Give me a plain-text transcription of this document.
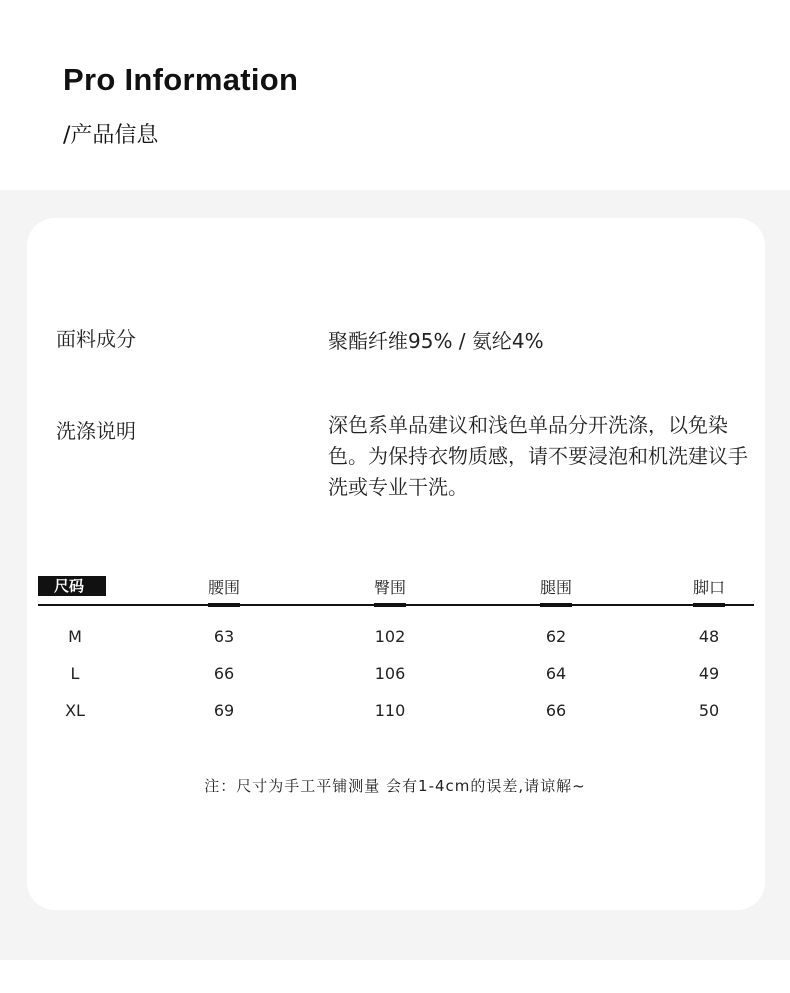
Pro Information
/产品信息
面料成分	聚酯纤维95% / 氨纶4%
洗涤说明	深色系单品建议和浅色单品分开洗涤，以免染色。为保持衣物质感，请不要浸泡和机洗建议手洗或专业干洗。
尺码	腰围	臀围	腿围	脚口
M	63	102	62	48
L	66	106	64	49
XL	69	110	66	50
注：尺寸为手工平铺测量 会有1-4cm的误差,请谅解~
